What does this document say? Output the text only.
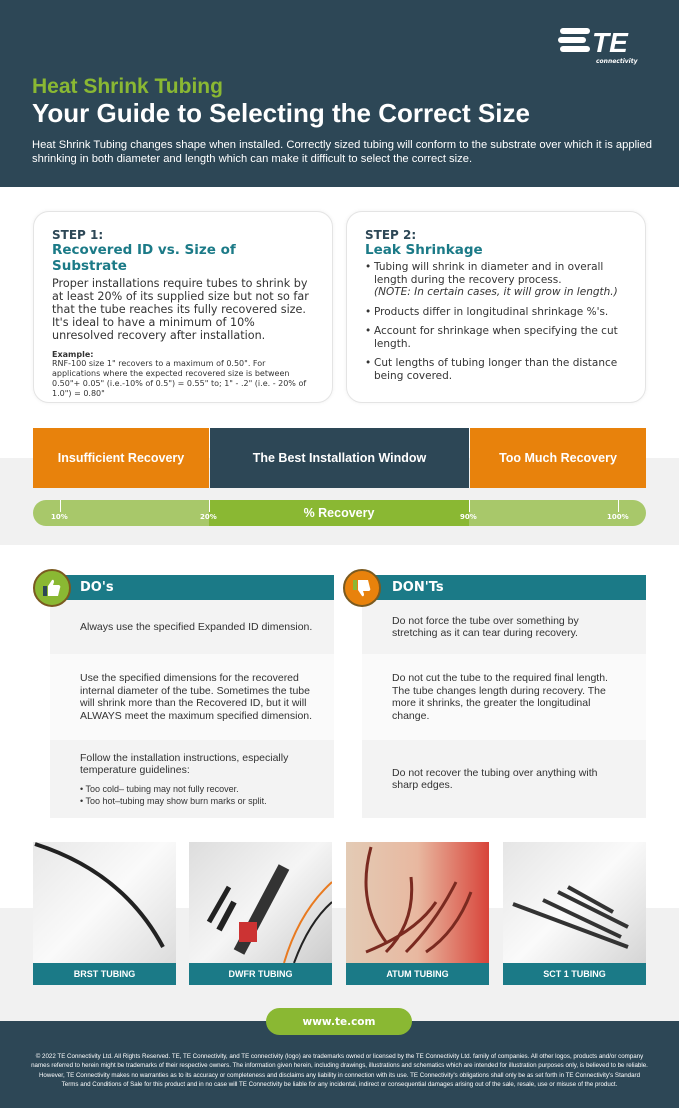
TE
connectivity
Heat Shrink Tubing
Your Guide to Selecting the Correct Size
Heat Shrink Tubing changes shape when installed. Correctly sized tubing will conform to the substrate over which it is applied shrinking in both diameter and length which can make it difficult to select the correct size.
STEP 1:
Recovered ID vs. Size of Substrate

Proper installations require tubes to shrink by at least 20% of its supplied size but not so far that the tube reaches its fully recovered size. It's ideal to have a minimum of 10% unresolved recovery after installation.

Example:
RNF-100 size 1" recovers to a maximum of 0.50". For applications where the expected recovered size is between 0.50"+ 0.05" (i.e.-10% of 0.5") = 0.55" to; 1" - .2" (i.e. - 20% of 1.0") = 0.80"
STEP 2:
Leak Shrinkage
• Tubing will shrink in diameter and in overall length during the recovery process.
(NOTE: In certain cases, it will grow in length.)
• Products differ in longitudinal shrinkage %'s.
• Account for shrinkage when specifying the cut length.
• Cut lengths of tubing longer than the distance being covered.
Insufficient Recovery	The Best Installation Window	Too Much Recovery
10%	20%	90%	100%
% Recovery
DO's
Always use the specified Expanded ID dimension.
Use the specified dimensions for the recovered internal diameter of the tube. Sometimes the tube will shrink more than the Recovered ID, but it will ALWAYS meet the maximum specified dimension.
Follow the installation instructions, especially temperature guidelines:
• Too cold– tubing may not fully recover.
• Too hot–tubing may show burn marks or split.
DON'Ts
Do not force the tube over something by stretching as it can tear during recovery.
Do not cut the tube to the required final length. The tube changes length during recovery. The more it shrinks, the greater the longitudinal change.
Do not recover the tubing over anything with sharp edges.
BRST TUBING	DWFR TUBING	ATUM TUBING	SCT 1 TUBING
www.te.com
© 2022 TE Connectivity Ltd. All Rights Reserved. TE, TE Connectivity, and TE connectivity (logo) are trademarks owned or licensed by the TE Connectivity Ltd. family of companies. All other logos, products and/or company names referred to herein might be trademarks of their respective owners. The information given herein, including drawings, illustrations and schematics which are intended for illustration purposes only, is believed to be reliable. However, TE Connectivity makes no warranties as to its accuracy or completeness and disclaims any liability in connection with its use. TE Connectivity's obligations shall only be as set forth in TE Connectivity's Standard Terms and Conditions of Sale for this product and in no case will TE Connectivity be liable for any incidental, indirect or consequential damages arising out of the sale, resale, use or misuse of the product.
